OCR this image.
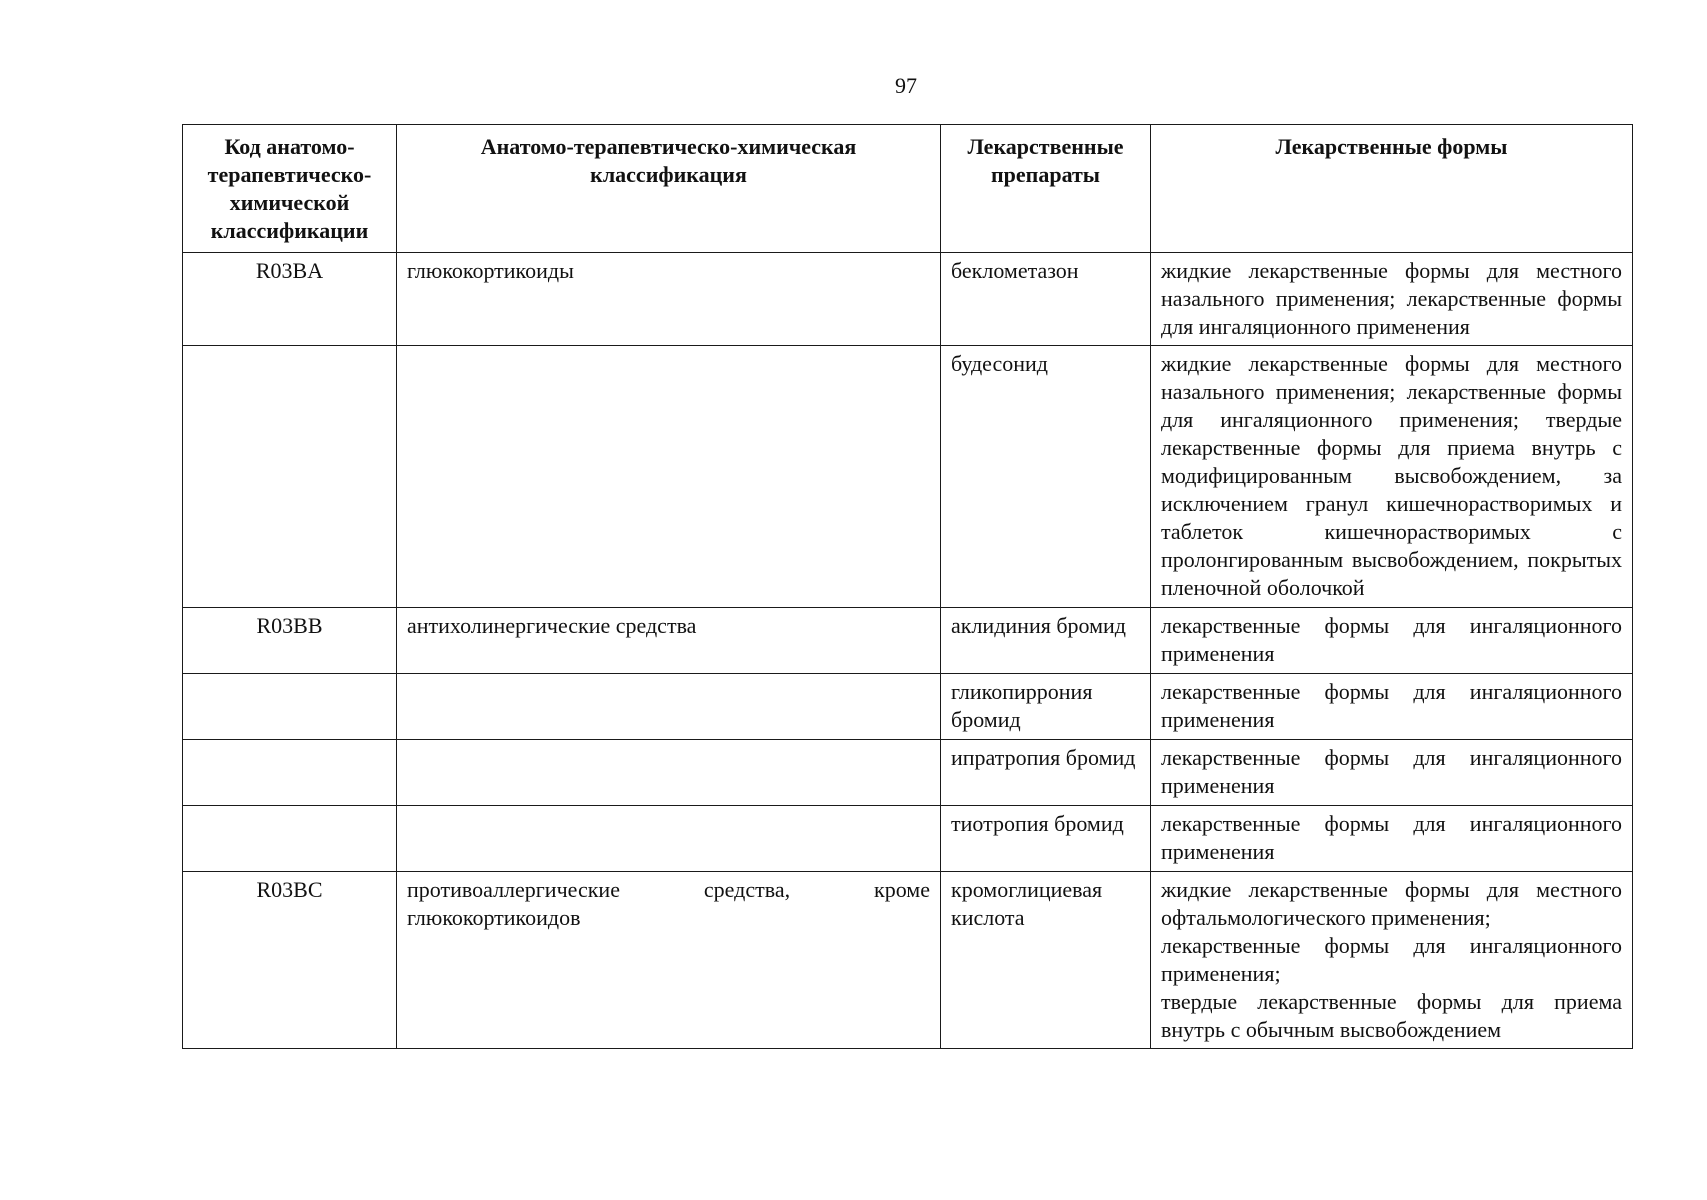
97
Код анатомо-терапевтическо-химической классификации	Анатомо-терапевтическо-химическая классификация	Лекарственные препараты	Лекарственные формы
R03BA	глюкокортикоиды	беклометазон	жидкие лекарственные формы для местного назального применения; лекарственные формы для ингаляционного применения
		будесонид	жидкие лекарственные формы для местного назального применения; лекарственные формы для ингаляционного применения; твердые лекарственные формы для приема внутрь с модифицированным высвобождением, за исключением гранул кишечнорастворимых и таблеток кишечнорастворимых с пролонгированным высвобождением, покрытых пленочной оболочкой
R03BB	антихолинергические средства	аклидиния бромид	лекарственные формы для ингаляционного применения
		гликопиррония бромид	лекарственные формы для ингаляционного применения
		ипратропия бромид	лекарственные формы для ингаляционного применения
		тиотропия бромид	лекарственные формы для ингаляционного применения
R03BC	противоаллергические средства, кроме глюкокортикоидов	кромоглициевая кислота	жидкие лекарственные формы для местного офтальмологического применения;
лекарственные формы для ингаляционного применения;
твердые лекарственные формы для приема внутрь с обычным высвобождением
